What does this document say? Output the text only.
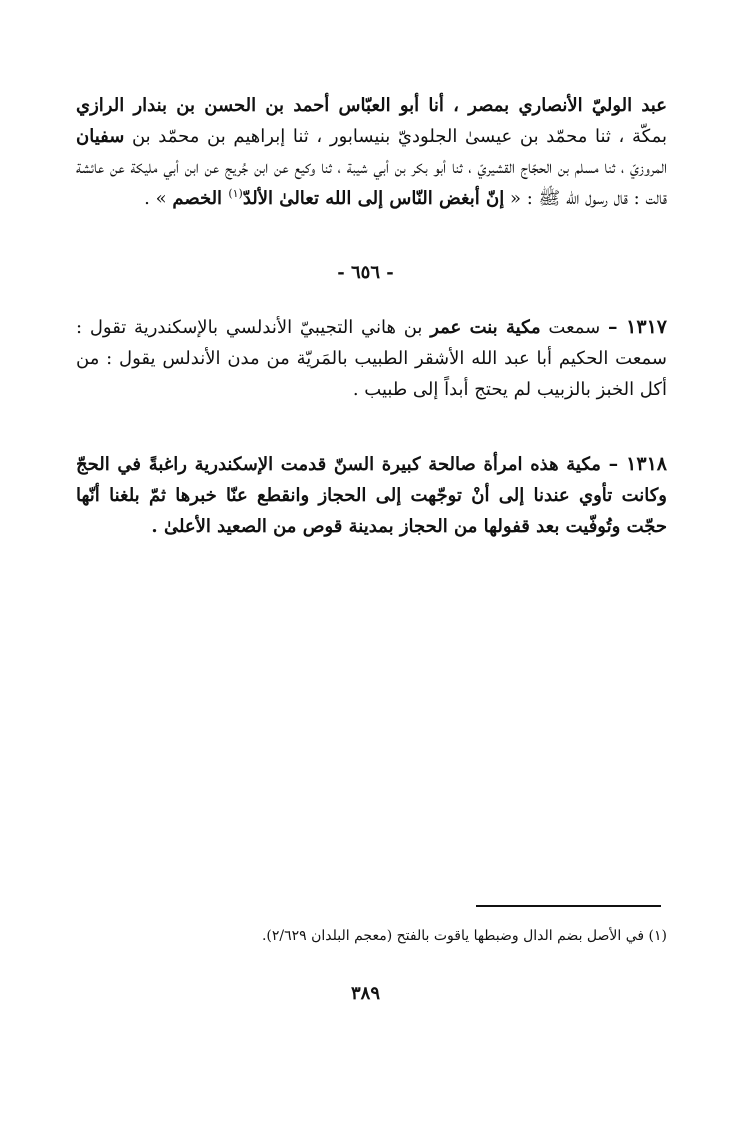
عبد الوليّ الأنصاري بمصر ، أنا أبو العبّاس أحمد بن الحسن بن بندار الرازي بمكّة ، ثنا محمّد بن عيسىٰ الجلوديّ بنيسابور ، ثنا إبراهيم بن محمّد بن سفيان المروزيّ ، ثنا مسلم بن الحجّاج القشيريّ ، ثنا أبو بكر بن أبي شيبة ، ثنا وكيع عن ابن جُريج عن ابن أبي مليكة عن عائشة قالت : قال رسول الله ﷺ : « إنّ أبغض النّاس إلى الله تعالىٰ الألدّ$^{(١)}$ الخصم » .

- ٦٥٦ -

١٣١٧ – سمعت مكية بنت عمر بن هاني التجيبيّ الأندلسي بالإسكندرية تقول : سمعت الحكيم أبا عبد الله الأشقر الطبيب بالمَريّة من مدن الأندلس يقول : من أكل الخبز بالزبيب لم يحتج أبداً إلى طبيب .

١٣١٨ – مكية هذه امرأة صالحة كبيرة السنّ قدمت الإسكندرية راغبةً في الحجّ وكانت تأوي عندنا إلى أنْ توجّهت إلى الحجاز وانقطع عنّا خبرها ثمّ بلغنا أنّها حجّت وتُوفّيت بعد قفولها من الحجاز بمدينة قوص من الصعيد الأعلىٰ .

(١) في الأصل بضم الدال وضبطها ياقوت بالفتح (معجم البلدان ٢/٦٢٩).
٣٨٩
